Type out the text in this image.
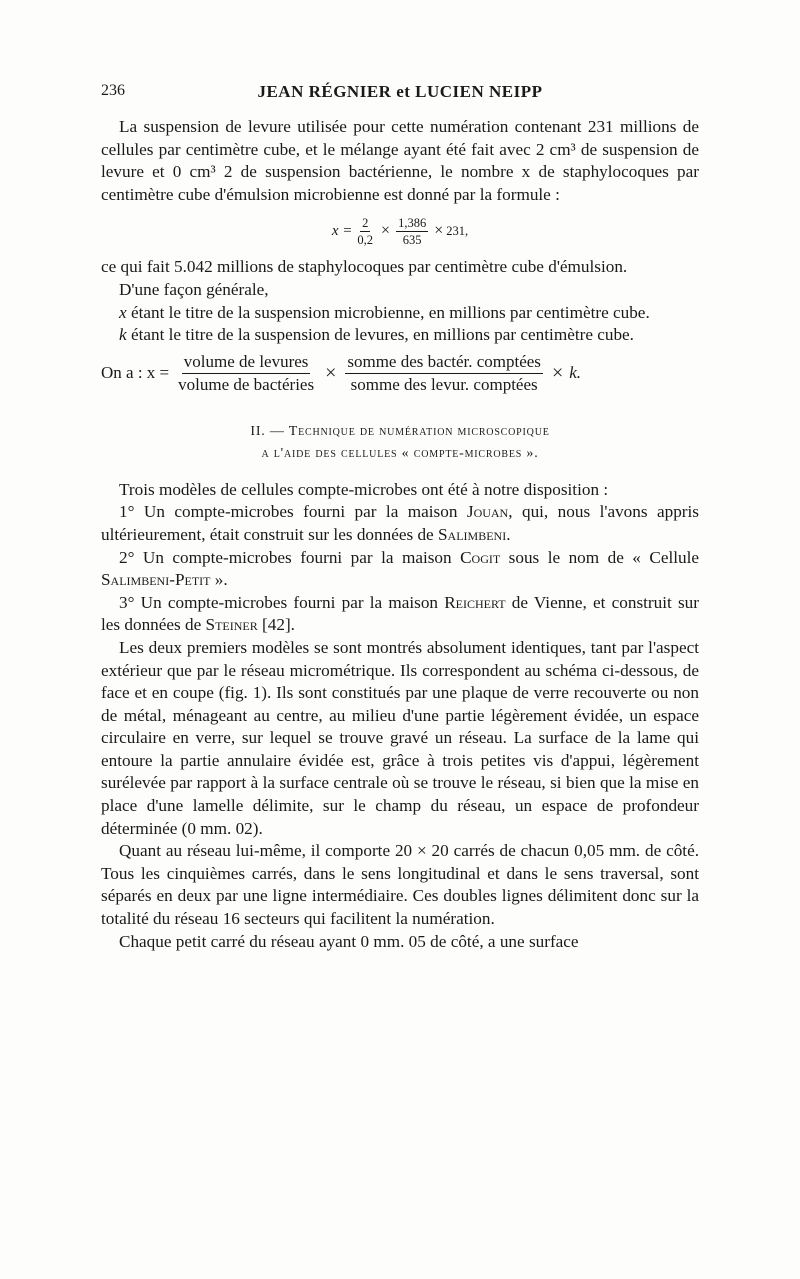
236	JEAN RÉGNIER et LUCIEN NEIPP

La suspension de levure utilisée pour cette numération contenant 231 millions de cellules par centimètre cube, et le mélange ayant été fait avec 2 cm³ de suspension de levure et 0 cm³ 2 de suspension bactérienne, le nombre x de staphylocoques par centimètre cube d'émulsion microbienne est donné par la formule :

$x = \frac{2}{0,2} \times \frac{1,386}{635} \times 231$,

ce qui fait 5.042 millions de staphylocoques par centimètre cube d'émulsion.

D'une façon générale,

x étant le titre de la suspension microbienne, en millions par centimètre cube.

k étant le titre de la suspension de levures, en millions par centimètre cube.

On a : $x = \frac{\text{volume de levures}}{\text{volume de bactéries}} \times \frac{\text{somme des bactér. comptées}}{\text{somme des levur. comptées}} \times k$.
II. — Technique de numération microscopique
a l'aide des cellules « compte-microbes ».

Trois modèles de cellules compte-microbes ont été à notre disposition :

1° Un compte-microbes fourni par la maison Jouan, qui, nous l'avons appris ultérieurement, était construit sur les données de Salimbeni.

2° Un compte-microbes fourni par la maison Cogit sous le nom de « Cellule Salimbeni-Petit ».

3° Un compte-microbes fourni par la maison Reichert de Vienne, et construit sur les données de Steiner [42].

Les deux premiers modèles se sont montrés absolument identiques, tant par l'aspect extérieur que par le réseau micrométrique. Ils correspondent au schéma ci-dessous, de face et en coupe (fig. 1). Ils sont constitués par une plaque de verre recouverte ou non de métal, ménageant au centre, au milieu d'une partie légèrement évidée, un espace circulaire en verre, sur lequel se trouve gravé un réseau. La surface de la lame qui entoure la partie annulaire évidée est, grâce à trois petites vis d'appui, légèrement surélevée par rapport à la surface centrale où se trouve le réseau, si bien que la mise en place d'une lamelle délimite, sur le champ du réseau, un espace de profondeur déterminée (0 mm. 02).

Quant au réseau lui-même, il comporte 20 × 20 carrés de chacun 0,05 mm. de côté. Tous les cinquièmes carrés, dans le sens longitudinal et dans le sens traversal, sont séparés en deux par une ligne intermédiaire. Ces doubles lignes délimitent donc sur la totalité du réseau 16 secteurs qui facilitent la numération.

Chaque petit carré du réseau ayant 0 mm. 05 de côté, a une surface
